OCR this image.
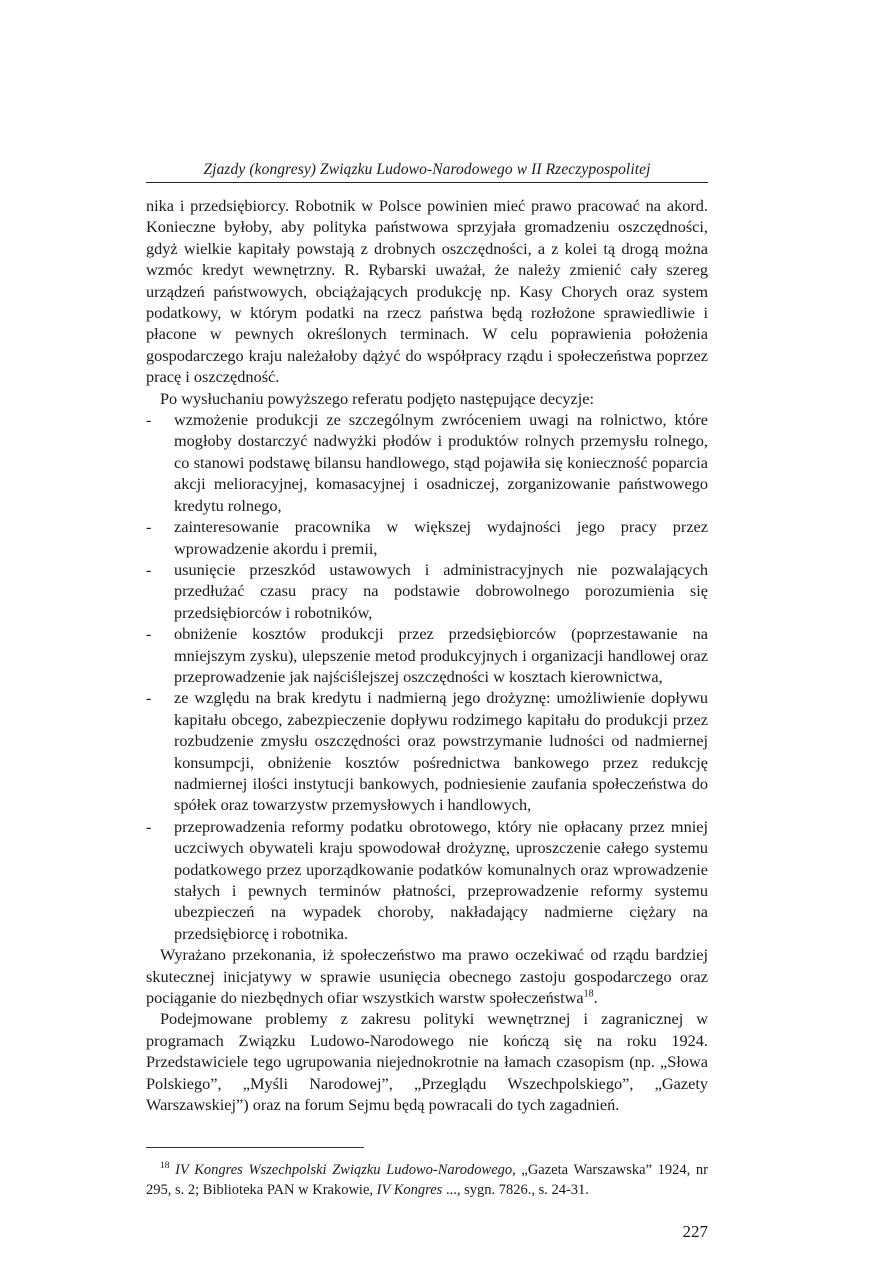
Zjazdy (kongresy) Związku Ludowo-Narodowego w II Rzeczypospolitej

nika i przedsiębiorcy. Robotnik w Polsce powinien mieć prawo pracować na akord. Konieczne byłoby, aby polityka państwowa sprzyjała gromadzeniu oszczędności, gdyż wielkie kapitały powstają z drobnych oszczędności, a z kolei tą drogą można wzmóc kredyt wewnętrzny. R. Rybarski uważał, że należy zmienić cały szereg urządzeń państwowych, obciążających produkcję np. Kasy Chorych oraz system podatkowy, w którym podatki na rzecz państwa będą rozłożone sprawiedliwie i płacone w pewnych określonych terminach. W celu poprawienia położenia gospodarczego kraju należałoby dążyć do współpracy rządu i społeczeństwa poprzez pracę i oszczędność.

Po wysłuchaniu powyższego referatu podjęto następujące decyzje:

- wzmożenie produkcji ze szczególnym zwróceniem uwagi na rolnictwo, które mogłoby dostarczyć nadwyżki płodów i produktów rolnych przemysłu rolnego, co stanowi podstawę bilansu handlowego, stąd pojawiła się konieczność poparcia akcji melioracyjnej, komasacyjnej i osadniczej, zorganizowanie państwowego kredytu rolnego,
- zainteresowanie pracownika w większej wydajności jego pracy przez wprowadzenie akordu i premii,
- usunięcie przeszkód ustawowych i administracyjnych nie pozwalających przedłużać czasu pracy na podstawie dobrowolnego porozumienia się przedsiębiorców i robotników,
- obniżenie kosztów produkcji przez przedsiębiorców (poprzestawanie na mniejszym zysku), ulepszenie metod produkcyjnych i organizacji handlowej oraz przeprowadzenie jak najściślejszej oszczędności w kosztach kierownictwa,
- ze względu na brak kredytu i nadmierną jego drożyznę: umożliwienie dopływu kapitału obcego, zabezpieczenie dopływu rodzimego kapitału do produkcji przez rozbudzenie zmysłu oszczędności oraz powstrzymanie ludności od nadmiernej konsumpcji, obniżenie kosztów pośrednictwa bankowego przez redukcję nadmiernej ilości instytucji bankowych, podniesienie zaufania społeczeństwa do spółek oraz towarzystw przemysłowych i handlowych,
- przeprowadzenia reformy podatku obrotowego, który nie opłacany przez mniej uczciwych obywateli kraju spowodował drożyznę, uproszczenie całego systemu podatkowego przez uporządkowanie podatków komunalnych oraz wprowadzenie stałych i pewnych terminów płatności, przeprowadzenie reformy systemu ubezpieczeń na wypadek choroby, nakładający nadmierne ciężary na przedsiębiorcę i robotnika.

Wyrażano przekonania, iż społeczeństwo ma prawo oczekiwać od rządu bardziej skutecznej inicjatywy w sprawie usunięcia obecnego zastoju gospodarczego oraz pociąganie do niezbędnych ofiar wszystkich warstw społeczeństwa$^{18}$.

Podejmowane problemy z zakresu polityki wewnętrznej i zagranicznej w programach Związku Ludowo-Narodowego nie kończą się na roku 1924. Przedstawiciele tego ugrupowania niejednokrotnie na łamach czasopism (np. „Słowa Polskiego”, „Myśli Narodowej”, „Przeglądu Wszechpolskiego”, „Gazety Warszawskiej”) oraz na forum Sejmu będą powracali do tych zagadnień.

$^{18}$ IV Kongres Wszechpolski Związku Ludowo-Narodowego, „Gazeta Warszawska” 1924, nr 295, s. 2; Biblioteka PAN w Krakowie, IV Kongres ..., sygn. 7826., s. 24-31.
227
